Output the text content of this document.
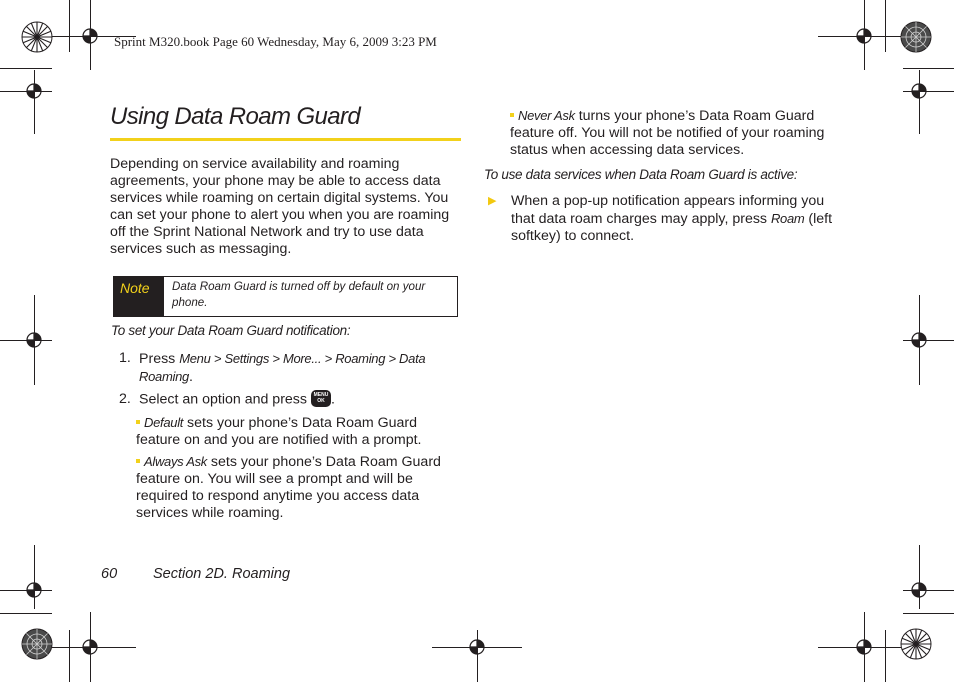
Sprint M320.book Page 60 Wednesday, May 6, 2009 3:23 PM
Using Data Roam Guard

Depending on service availability and roaming agreements, your phone may be able to access data services while roaming on certain digital systems. You can set your phone to alert you when you are roaming off the Sprint National Network and try to use data services such as messaging.

Note	Data Roam Guard is turned off by default on your phone.
To set your Data Roam Guard notification:
1. Press Menu > Settings > More... > Roaming > Data Roaming.
2. Select an option and press MENU
OK .
Default sets your phone’s Data Roam Guard feature on and you are notified with a prompt.
Always Ask sets your phone’s Data Roam Guard feature on. You will see a prompt and will be required to respond anytime you access data services while roaming.
Never Ask turns your phone’s Data Roam Guard feature off. You will not be notified of your roaming status when accessing data services.
To use data services when Data Roam Guard is active:
▶	When a pop-up notification appears informing you that data roam charges may apply, press Roam (left softkey) to connect.
60 Section 2D. Roaming
